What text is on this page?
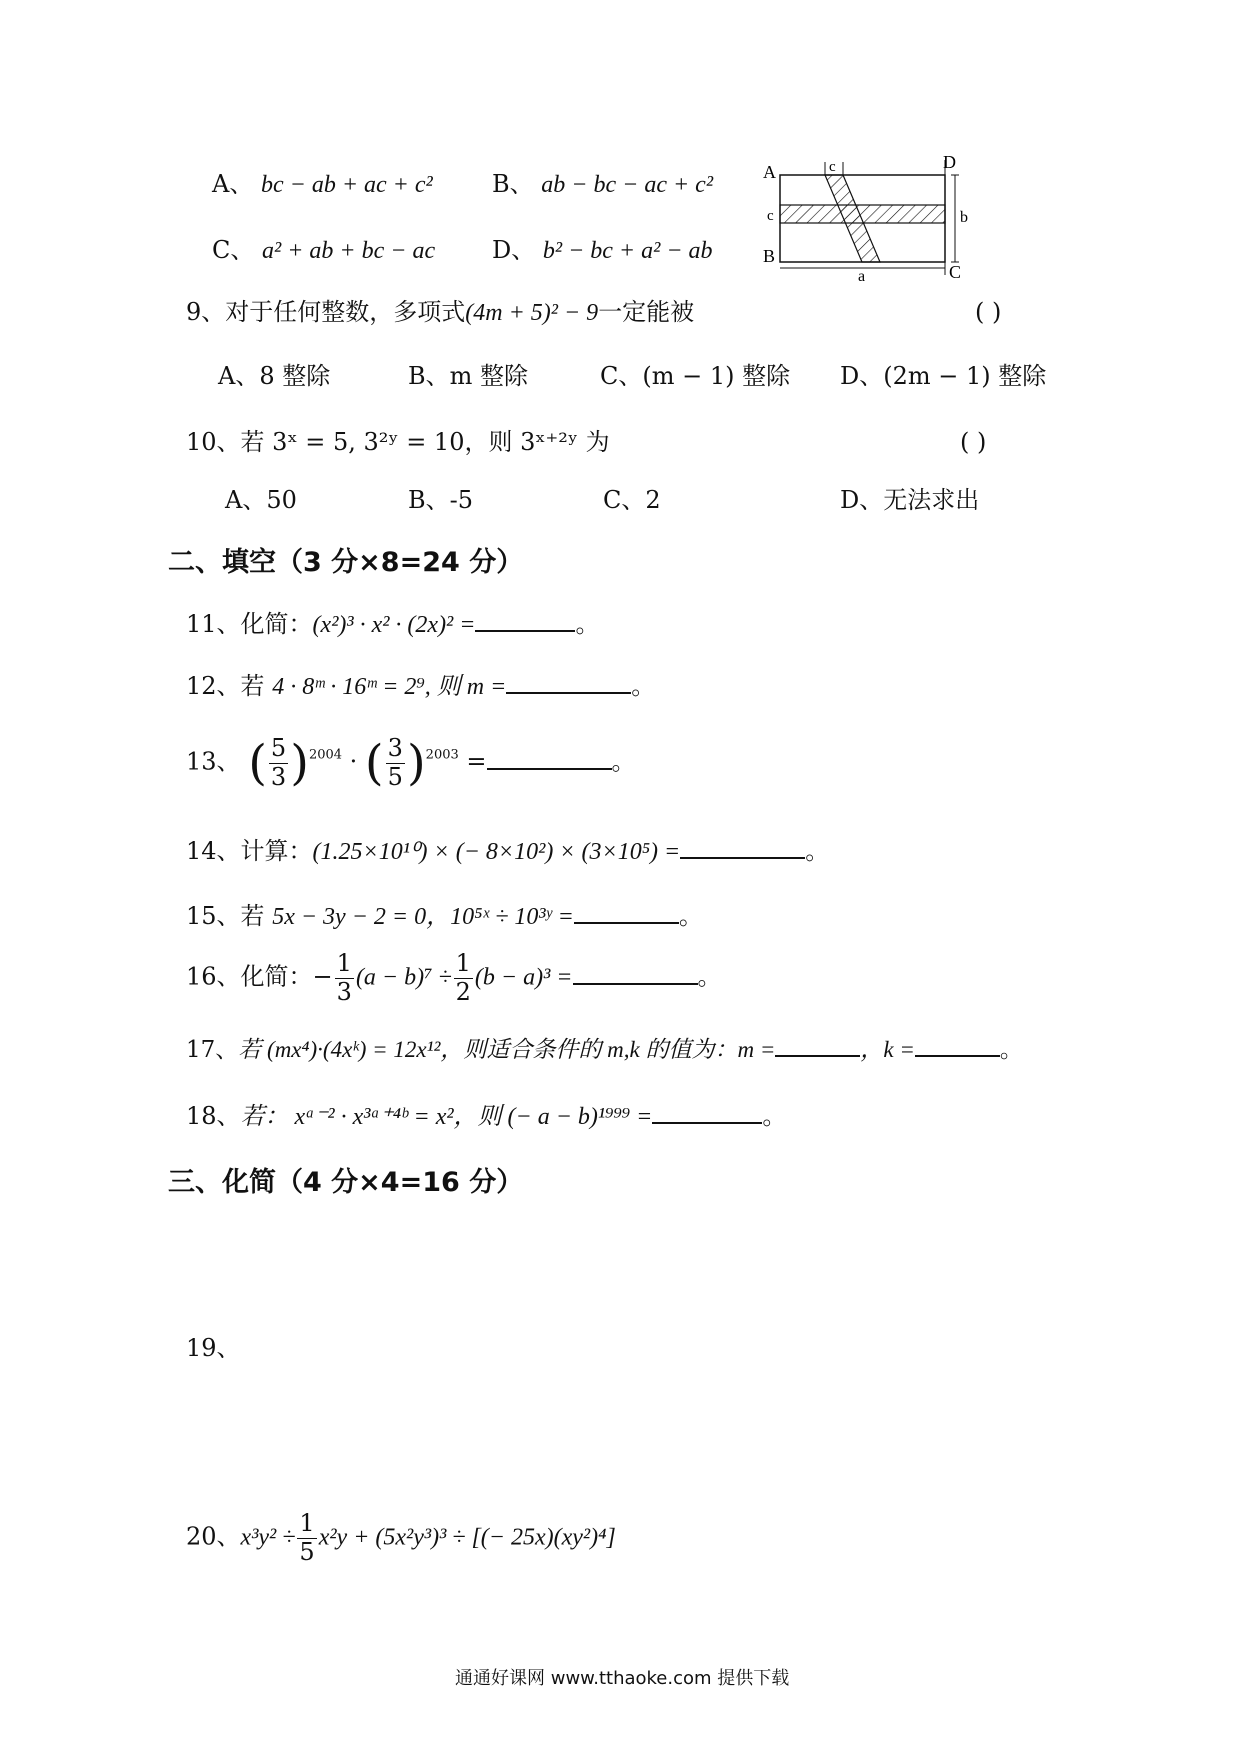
A、 bc − ab + ac + c² B、 ab − bc − ac + c²
C、 a² + ab + bc − ac D、 b² − bc + a² − ab
A
B
C
D
a
b
c
c
9、对于任何整数，多项式(4m + 5)² − 9一定能被	( )
A、8 整除	B、m 整除	C、(m − 1) 整除 D、(2m − 1) 整除
10、若 3ˣ = 5, 3²ʸ = 10，则 3ˣ⁺²ʸ 为	( )
A、50	B、-5	C、2	D、无法求出
二、填空（3 分×8=24 分）
11、化简：(x²)³ · x² · (2x)² =	。
12、若 4 · 8ᵐ · 16ᵐ = 2⁹, 则 m =	。
13、 ( $\frac{5}{3} )^{2004}$ · ( $\frac{3}{5} )^{2003}$ =	。
14、计算：(1.25×10¹⁰) × (− 8×10²) × (3×10⁵) =	。
15、若 5x − 3y − 2 = 0，10⁵ˣ ÷ 10³ʸ =	。
16、化简：− $\frac{1}{3} (a - b)^7 \div \frac{1}{2} (b - a)^3$ =	。
17、若 (mx⁴)·(4xᵏ) = 12x¹²，则适合条件的 m,k 的值为：m =	，k =	。
18、若： xᵃ⁻² · x³ᵃ⁺⁴ᵇ = x²，则 (− a − b)¹⁹⁹⁹ =	。
三、化简（4 分×4=16 分）
19、
20、$x^3y^2 \div \frac{1}{5} x^2y + (5x^2y^3)^3$ ÷ [(− 25x)(xy²)⁴]
通通好课网 www.tthaoke.com 提供下载
